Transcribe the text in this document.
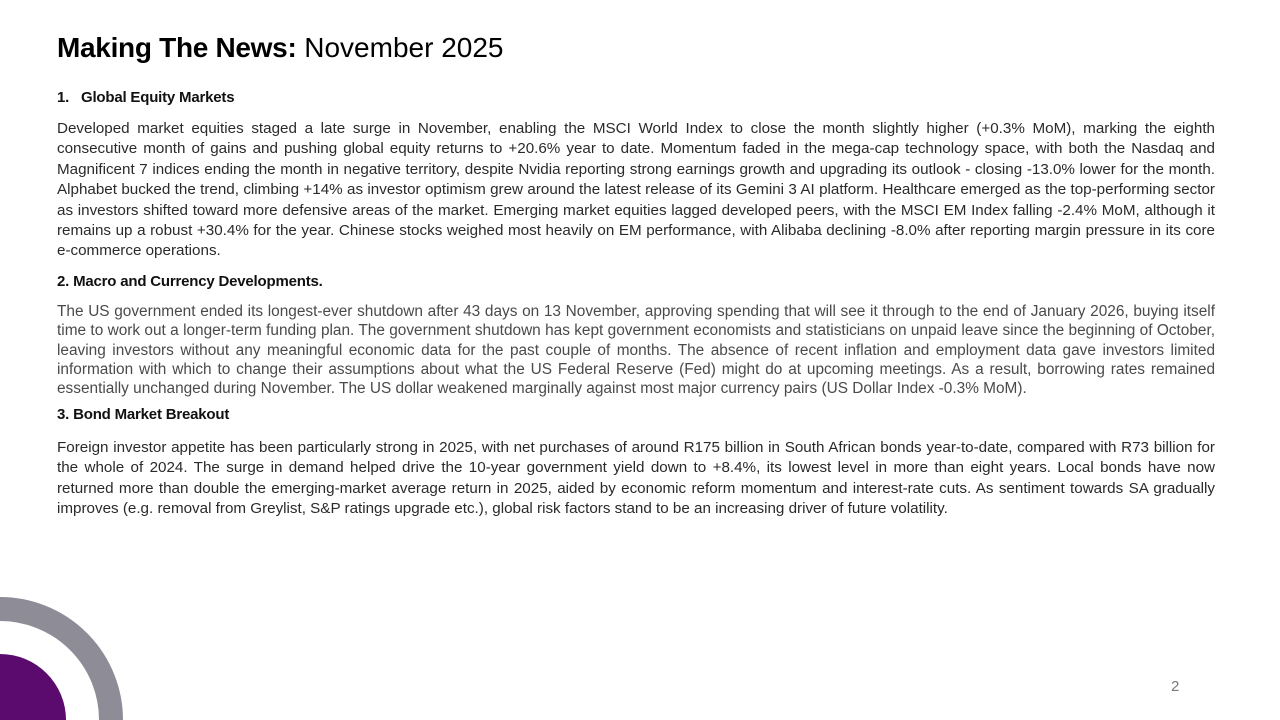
Making The News: November 2025
1. Global Equity Markets

Developed market equities staged a late surge in November, enabling the MSCI World Index to close the month slightly higher (+0.3% MoM), marking the eighth consecutive month of gains and pushing global equity returns to +20.6% year to date. Momentum faded in the mega-cap technology space, with both the Nasdaq and Magnificent 7 indices ending the month in negative territory, despite Nvidia reporting strong earnings growth and upgrading its outlook - closing -13.0% lower for the month. Alphabet bucked the trend, climbing +14% as investor optimism grew around the latest release of its Gemini 3 AI platform. Healthcare emerged as the top-performing sector as investors shifted toward more defensive areas of the market. Emerging market equities lagged developed peers, with the MSCI EM Index falling -2.4% MoM, although it remains up a robust +30.4% for the year. Chinese stocks weighed most heavily on EM performance, with Alibaba declining -8.0% after reporting margin pressure in its core e-commerce operations.

2. Macro and Currency Developments.

The US government ended its longest-ever shutdown after 43 days on 13 November, approving spending that will see it through to the end of January 2026, buying itself time to work out a longer-term funding plan. The government shutdown has kept government economists and statisticians on unpaid leave since the beginning of October, leaving investors without any meaningful economic data for the past couple of months. The absence of recent inflation and employment data gave investors limited information with which to change their assumptions about what the US Federal Reserve (Fed) might do at upcoming meetings. As a result, borrowing rates remained essentially unchanged during November. The US dollar weakened marginally against most major currency pairs (US Dollar Index -0.3% MoM).

3. Bond Market Breakout

Foreign investor appetite has been particularly strong in 2025, with net purchases of around R175 billion in South African bonds year-to-date, compared with R73 billion for the whole of 2024. The surge in demand helped drive the 10-year government yield down to +8.4%, its lowest level in more than eight years. Local bonds have now returned more than double the emerging-market average return in 2025, aided by economic reform momentum and interest-rate cuts. As sentiment towards SA gradually improves (e.g. removal from Greylist, S&P ratings upgrade etc.), global risk factors stand to be an increasing driver of future volatility.

2
